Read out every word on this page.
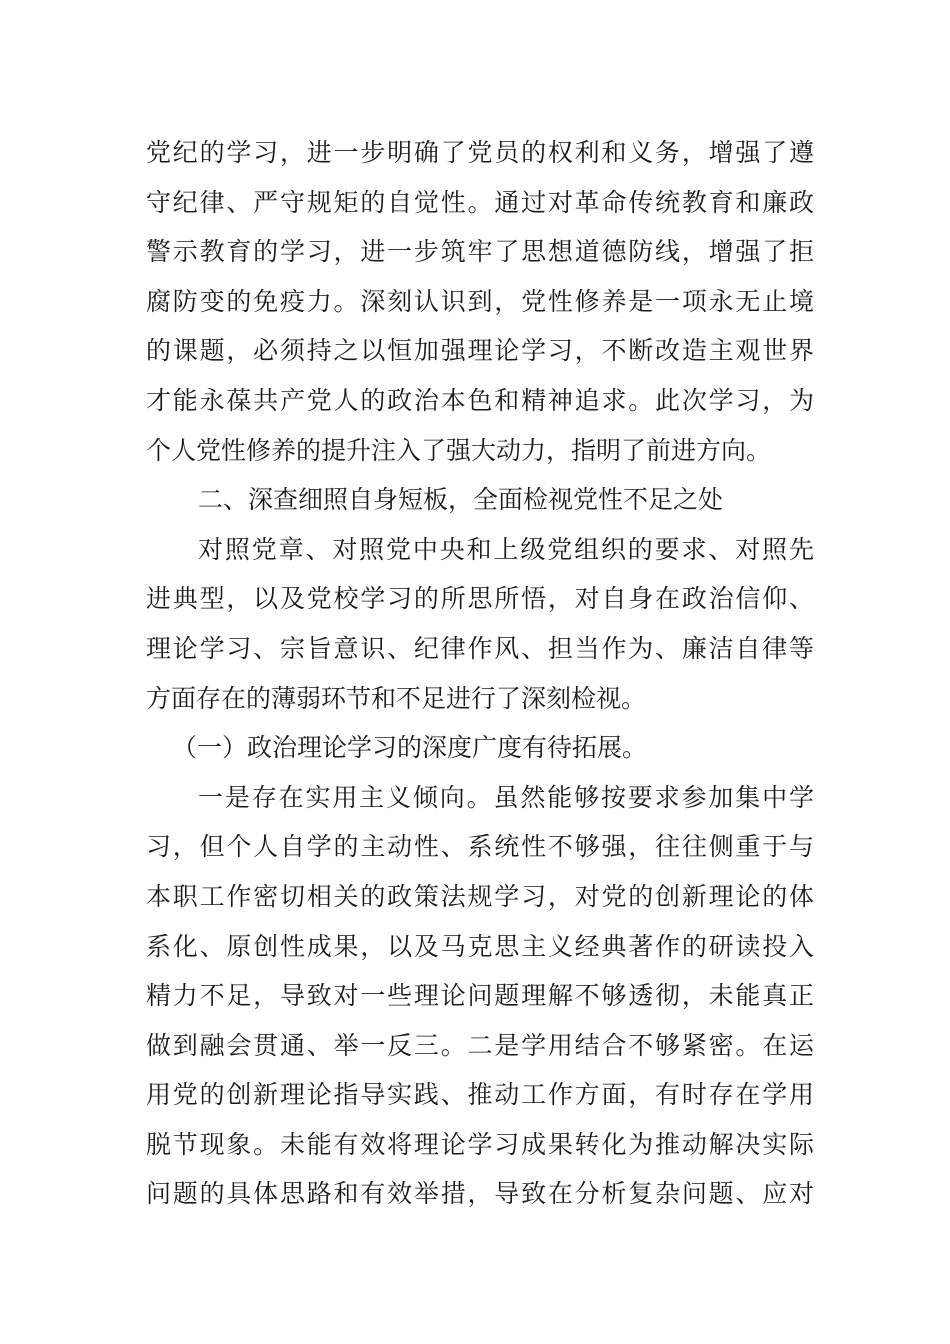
党纪的学习，进一步明确了党员的权利和义务，增强了遵
守纪律、严守规矩的自觉性。通过对革命传统教育和廉政
警示教育的学习，进一步筑牢了思想道德防线，增强了拒
腐防变的免疫力。深刻认识到，党性修养是一项永无止境
的课题，必须持之以恒加强理论学习，不断改造主观世界
才能永葆共产党人的政治本色和精神追求。此次学习，为
个人党性修养的提升注入了强大动力，指明了前进方向。
二、深查细照自身短板，全面检视党性不足之处
对照党章、对照党中央和上级党组织的要求、对照先
进典型，以及党校学习的所思所悟，对自身在政治信仰、
理论学习、宗旨意识、纪律作风、担当作为、廉洁自律等
方面存在的薄弱环节和不足进行了深刻检视。
（一）政治理论学习的深度广度有待拓展。
一是存在实用主义倾向。虽然能够按要求参加集中学
习，但个人自学的主动性、系统性不够强，往往侧重于与
本职工作密切相关的政策法规学习，对党的创新理论的体
系化、原创性成果，以及马克思主义经典著作的研读投入
精力不足，导致对一些理论问题理解不够透彻，未能真正
做到融会贯通、举一反三。二是学用结合不够紧密。在运
用党的创新理论指导实践、推动工作方面，有时存在学用
脱节现象。未能有效将理论学习成果转化为推动解决实际
问题的具体思路和有效举措，导致在分析复杂问题、应对
